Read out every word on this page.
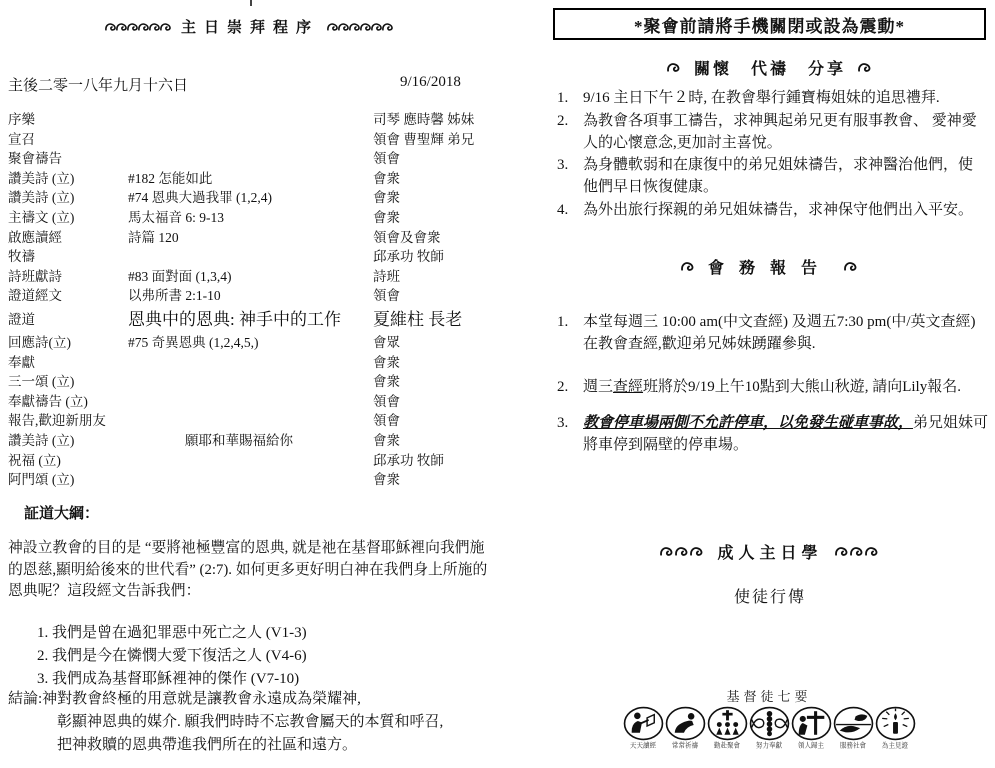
主日崇拜程序
主後二零一八年九月十六日	9/16/2018
序樂	司琴 應時馨 姊妹
宣召	領會 曹聖輝 弟兄
聚會禱告	領會
讚美詩 (立)	#182 怎能如此	會衆
讚美詩 (立)	#74 恩典大過我罪 (1,2,4)	會衆
主禱文 (立)	馬太福音 6: 9-13	會衆
啟應讀經	詩篇 120	領會及會衆
牧禱	邱承功 牧師
詩班獻詩	#83 面對面 (1,3,4)	詩班
證道經文	以弗所書 2:1-10	領會
證道	恩典中的恩典: 神手中的工作	夏維柱 長老
回應詩(立)	#75 奇異恩典 (1,2,4,5,)	會眾
奉獻	會衆
三一頌 (立)	會衆
奉獻禱告 (立)	領會
報告,歡迎新朋友	領會
讚美詩 (立)	願耶和華賜福給你	會衆
祝福 (立)	邱承功 牧師
阿門頌 (立)	會衆
証道大綱：
神設立教會的目的是 “要將祂極豐富的恩典, 就是祂在基督耶穌裡向我們施的恩慈,顯明給後來的世代看” (2:7). 如何更多更好明白神在我們身上所施的恩典呢？這段經文告訴我們：
1. 我們是曾在過犯罪惡中死亡之人 (V1-3)
2. 我們是今在憐憫大愛下復活之人 (V4-6)
3. 我們成為基督耶穌裡神的傑作 (V7-10)
結論:神對教會終極的用意就是讓教會永遠成為榮耀神,
彰顯神恩典的媒介. 願我們時時不忘教會屬天的本質和呼召,
把神救贖的恩典帶進我們所在的社區和遠方。
*聚會前請將手機關閉或設為震動*
關懷 代禱 分享
1. 9/16 主日下午２時, 在教會舉行鍾寶梅姐妹的追思禮拜.
2. 為教會各項事工禱告，求神興起弟兄更有服事教會、 愛神愛人的心懷意念,更加討主喜悅。
3. 為身體軟弱和在康復中的弟兄姐妹禱告，求神醫治他們，使他們早日恢復健康。
4. 為外出旅行探親的弟兄姐妹禱告，求神保守他們出入平安。
會務報告
1. 本堂每週三 10:00 am(中文查經) 及週五7:30 pm(中/英文查經)在教會查經,歡迎弟兄姊妹踴躍參與.
2. 週三查經班將於9/19上午10點到大熊山秋遊, 請向Lily報名.
3. 教會停車場兩側不允許停車，以免發生碰車事故，弟兄姐妹可將車停到隔壁的停車場。
成人主日學
使徒行傳
基督徒七要
天天讀經	常常祈禱	勤赴聚會	努力奉獻	領人歸主	服務社會	為主見證
